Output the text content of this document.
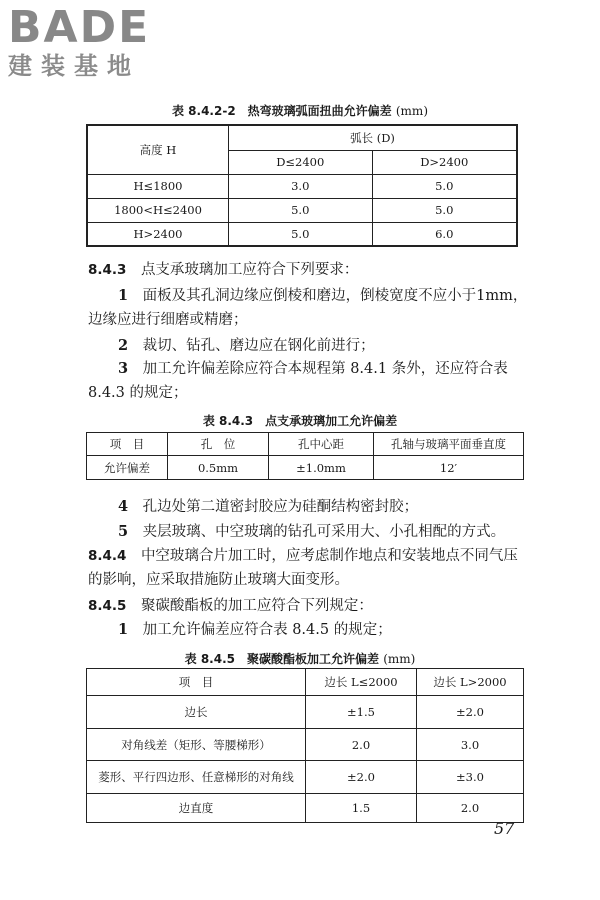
BADE
建装基地
表 8.4.2-2　热弯玻璃弧面扭曲允许偏差 (mm)
高度 H	弧长 (D)	
	D≤2400	D>2400
H≤1800	3.0	5.0
1800<H≤2400	5.0	5.0
H>2400	5.0	6.0
8.4.3　 点支承玻璃加工应符合下列要求：
1　 面板及其孔洞边缘应倒棱和磨边，倒棱宽度不应小于1mm，边缘应进行细磨或精磨；
2　 裁切、钻孔、磨边应在钢化前进行；
3　 加工允许偏差除应符合本规程第 8.4.1 条外，还应符合表 8.4.3 的规定；
表 8.4.3　点支承玻璃加工允许偏差
项　目	孔　位	孔中心距	孔轴与玻璃平面垂直度
允许偏差	0.5mm	±1.0mm	12′
4　 孔边处第二道密封胶应为硅酮结构密封胶；
5　 夹层玻璃、中空玻璃的钻孔可采用大、小孔相配的方式。
8.4.4　 中空玻璃合片加工时，应考虑制作地点和安装地点不同气压的影响，应采取措施防止玻璃大面变形。
8.4.5　 聚碳酸酯板的加工应符合下列规定：
1　 加工允许偏差应符合表 8.4.5 的规定；
表 8.4.5　聚碳酸酯板加工允许偏差 (mm)
项　目	边长 L≤2000	边长 L>2000
边长	±1.5	±2.0
对角线差（矩形、等腰梯形）	2.0	3.0
菱形、平行四边形、任意梯形的对角线	±2.0	±3.0
边直度	1.5	2.0
57
